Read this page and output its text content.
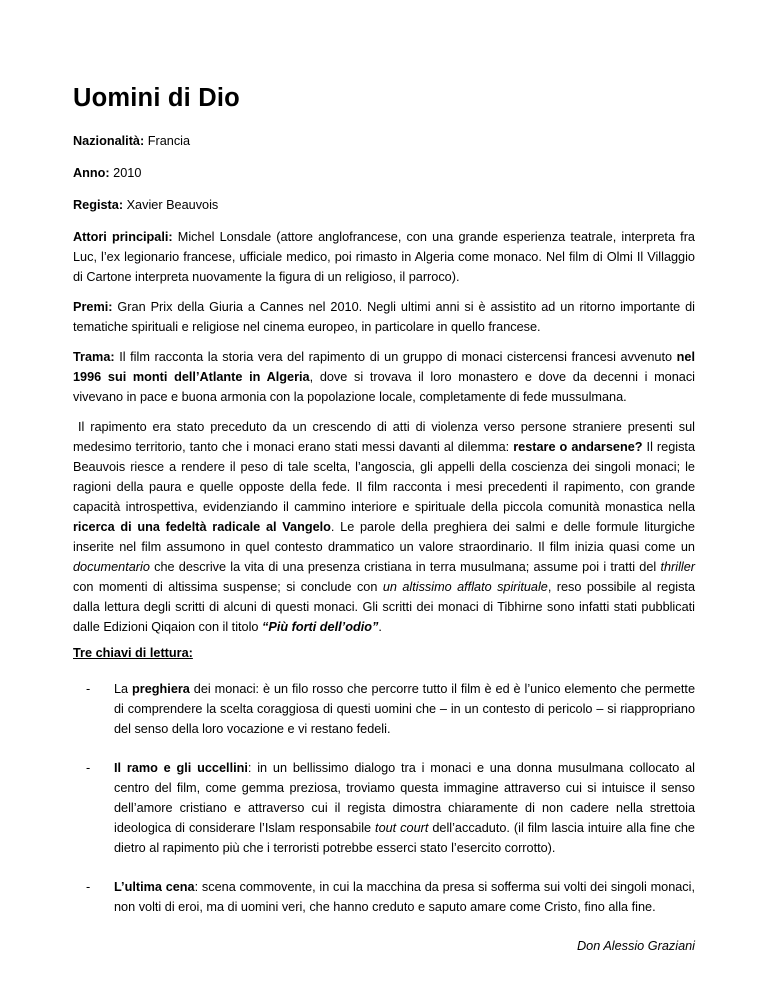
Uomini di Dio

Nazionalità: Francia

Anno: 2010

Regista: Xavier Beauvois

Attori principali: Michel Lonsdale (attore anglofrancese, con una grande esperienza teatrale, interpreta fra Luc, l’ex legionario francese, ufficiale medico, poi rimasto in Algeria come monaco. Nel film di Olmi Il Villaggio di Cartone interpreta nuovamente la figura di un religioso, il parroco).

Premi: Gran Prix della Giuria a Cannes nel 2010. Negli ultimi anni si è assistito ad un ritorno importante di tematiche spirituali e religiose nel cinema europeo, in particolare in quello francese.

Trama: Il film racconta la storia vera del rapimento di un gruppo di monaci cistercensi francesi avvenuto nel 1996 sui monti dell’Atlante in Algeria, dove si trovava il loro monastero e dove da decenni i monaci vivevano in pace e buona armonia con la popolazione locale, completamente di fede mussulmana.

Il rapimento era stato preceduto da un crescendo di atti di violenza verso persone straniere presenti sul medesimo territorio, tanto che i monaci erano stati messi davanti al dilemma: restare o andarsene? Il regista Beauvois riesce a rendere il peso di tale scelta, l’angoscia, gli appelli della coscienza dei singoli monaci; le ragioni della paura e quelle opposte della fede. Il film racconta i mesi precedenti il rapimento, con grande capacità introspettiva, evidenziando il cammino interiore e spirituale della piccola comunità monastica nella ricerca di una fedeltà radicale al Vangelo. Le parole della preghiera dei salmi e delle formule liturgiche inserite nel film assumono in quel contesto drammatico un valore straordinario. Il film inizia quasi come un documentario che descrive la vita di una presenza cristiana in terra musulmana; assume poi i tratti del thriller con momenti di altissima suspense; si conclude con un altissimo afflato spirituale, reso possibile al regista dalla lettura degli scritti di alcuni di questi monaci. Gli scritti dei monaci di Tibhirne sono infatti stati pubblicati dalle Edizioni Qiqaion con il titolo “Più forti dell’odio”.

Tre chiavi di lettura:

- La preghiera dei monaci: è un filo rosso che percorre tutto il film è ed è l’unico elemento che permette di comprendere la scelta coraggiosa di questi uomini che – in un contesto di pericolo – si riappropriano del senso della loro vocazione e vi restano fedeli.
- Il ramo e gli uccellini: in un bellissimo dialogo tra i monaci e una donna musulmana collocato al centro del film, come gemma preziosa, troviamo questa immagine attraverso cui si intuisce il senso dell’amore cristiano e attraverso cui il regista dimostra chiaramente di non cadere nella strettoia ideologica di considerare l’Islam responsabile tout court dell’accaduto. (il film lascia intuire alla fine che dietro al rapimento più che i terroristi potrebbe esserci stato l’esercito corrotto).
- L’ultima cena: scena commovente, in cui la macchina da presa si sofferma sui volti dei singoli monaci, non volti di eroi, ma di uomini veri, che hanno creduto e saputo amare come Cristo, fino alla fine.

Don Alessio Graziani
